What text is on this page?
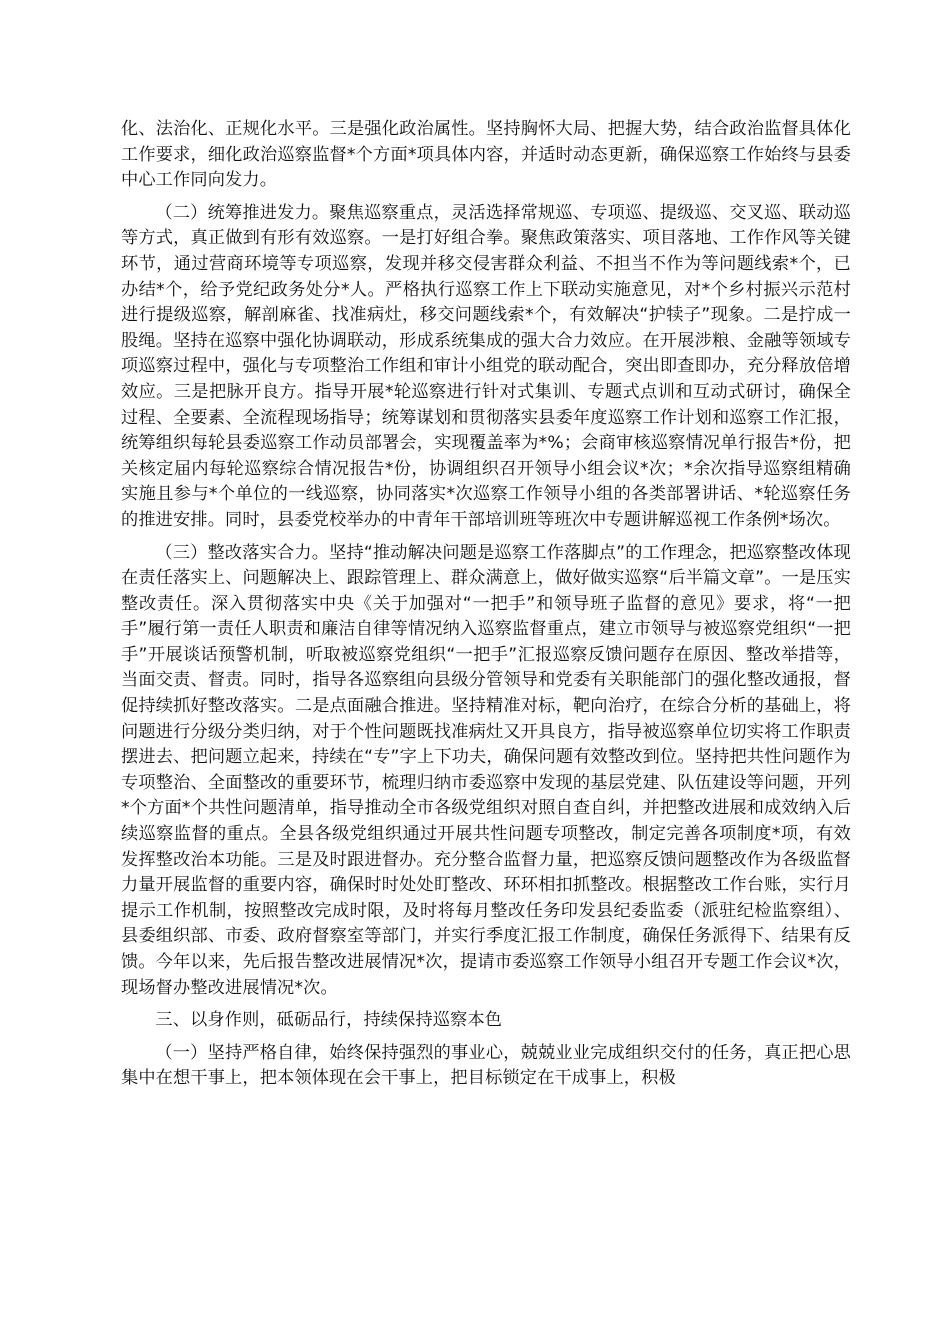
化、法治化、正规化水平。三是强化政治属性。坚持胸怀大局、把握大势，结合政治监督具体化工作要求，细化政治巡察监督*个方面*项具体内容，并适时动态更新，确保巡察工作始终与县委中心工作同向发力。

（二）统筹推进发力。聚焦巡察重点，灵活选择常规巡、专项巡、提级巡、交叉巡、联动巡等方式，真正做到有形有效巡察。一是打好组合拳。聚焦政策落实、项目落地、工作作风等关键环节，通过营商环境等专项巡察，发现并移交侵害群众利益、不担当不作为等问题线索*个，已办结*个，给予党纪政务处分*人。严格执行巡察工作上下联动实施意见，对*个乡村振兴示范村进行提级巡察，解剖麻雀、找准病灶，移交问题线索*个，有效解决“护犊子”现象。二是拧成一股绳。坚持在巡察中强化协调联动，形成系统集成的强大合力效应。在开展涉粮、金融等领域专项巡察过程中，强化与专项整治工作组和审计小组党的联动配合，突出即查即办，充分释放倍增效应。三是把脉开良方。指导开展*轮巡察进行针对式集训、专题式点训和互动式研讨，确保全过程、全要素、全流程现场指导；统筹谋划和贯彻落实县委年度巡察工作计划和巡察工作汇报，统筹组织每轮县委巡察工作动员部署会，实现覆盖率为*%；会商审核巡察情况单行报告*份，把关核定届内每轮巡察综合情况报告*份，协调组织召开领导小组会议*次；*余次指导巡察组精确实施且参与*个单位的一线巡察，协同落实*次巡察工作领导小组的各类部署讲话、*轮巡察任务的推进安排。同时，县委党校举办的中青年干部培训班等班次中专题讲解巡视工作条例*场次。

（三）整改落实合力。坚持“推动解决问题是巡察工作落脚点”的工作理念，把巡察整改体现在责任落实上、问题解决上、跟踪管理上、群众满意上，做好做实巡察“后半篇文章”。一是压实整改责任。深入贯彻落实中央《关于加强对“一把手”和领导班子监督的意见》要求，将“一把手”履行第一责任人职责和廉洁自律等情况纳入巡察监督重点，建立市领导与被巡察党组织“一把手”开展谈话预警机制，听取被巡察党组织“一把手”汇报巡察反馈问题存在原因、整改举措等，当面交责、督责。同时，指导各巡察组向县级分管领导和党委有关职能部门的强化整改通报，督促持续抓好整改落实。二是点面融合推进。坚持精准对标，靶向治疗，在综合分析的基础上，将问题进行分级分类归纳，对于个性问题既找准病灶又开具良方，指导被巡察单位切实将工作职责摆进去、把问题立起来，持续在“专”字上下功夫，确保问题有效整改到位。坚持把共性问题作为专项整治、全面整改的重要环节，梳理归纳市委巡察中发现的基层党建、队伍建设等问题，开列*个方面*个共性问题清单，指导推动全市各级党组织对照自查自纠，并把整改进展和成效纳入后续巡察监督的重点。全县各级党组织通过开展共性问题专项整改，制定完善各项制度*项，有效发挥整改治本功能。三是及时跟进督办。充分整合监督力量，把巡察反馈问题整改作为各级监督力量开展监督的重要内容，确保时时处处盯整改、环环相扣抓整改。根据整改工作台账，实行月提示工作机制，按照整改完成时限，及时将每月整改任务印发县纪委监委（派驻纪检监察组）、县委组织部、市委、政府督察室等部门，并实行季度汇报工作制度，确保任务派得下、结果有反馈。今年以来，先后报告整改进展情况*次，提请市委巡察工作领导小组召开专题工作会议*次，现场督办整改进展情况*次。

三、以身作则，砥砺品行，持续保持巡察本色

（一）坚持严格自律，始终保持强烈的事业心，兢兢业业完成组织交付的任务，真正把心思集中在想干事上，把本领体现在会干事上，把目标锁定在干成事上，积极
